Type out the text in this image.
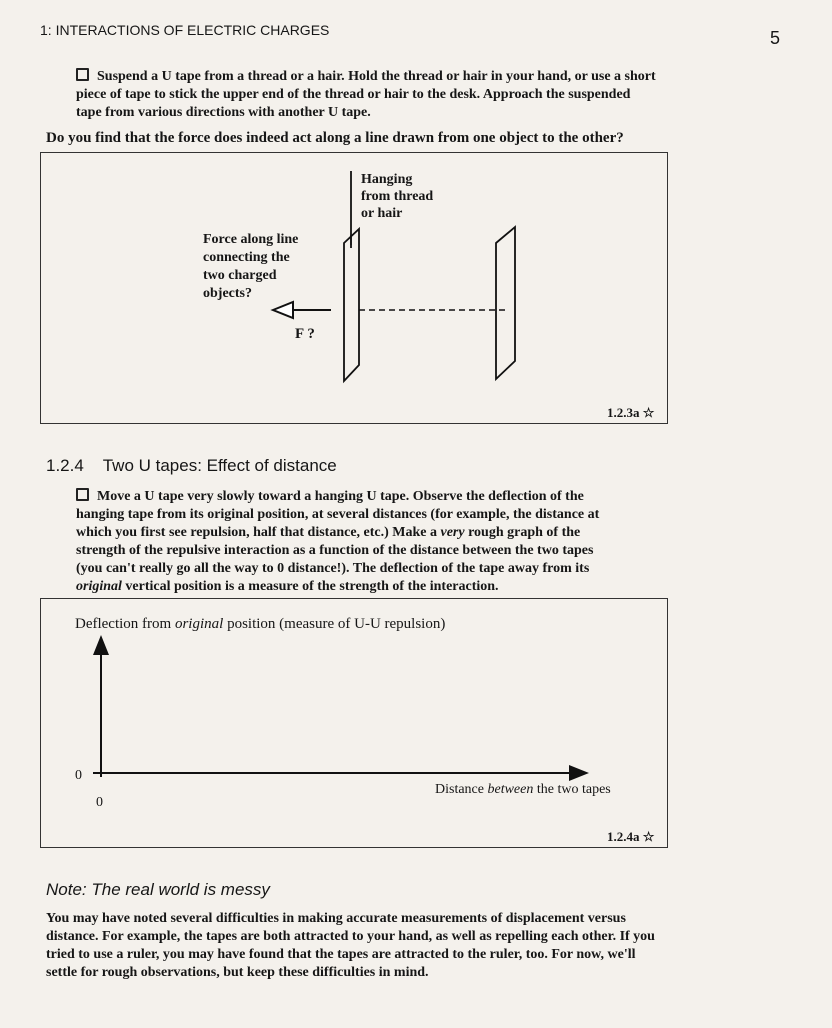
1: INTERACTIONS OF ELECTRIC CHARGES	5
Suspend a U tape from a thread or a hair. Hold the thread or hair in your hand, or use a short piece of tape to stick the upper end of the thread or hair to the desk. Approach the suspended tape from various directions with another U tape.
Do you find that the force does indeed act along a line drawn from one object to the other?
Hanging
from thread
or hair
Force along line
connecting the
two charged
objects?
F ?
1.2.3a ☆
1.2.4 Two U tapes: Effect of distance
Move a U tape very slowly toward a hanging U tape. Observe the deflection of the
hanging tape from its original position, at several distances (for example, the distance at
which you first see repulsion, half that distance, etc.) Make a very rough graph of the
strength of the repulsive interaction as a function of the distance between the two tapes
(you can't really go all the way to 0 distance!). The deflection of the tape away from its
original vertical position is a measure of the strength of the interaction.
Deflection from original position (measure of U-U repulsion)
0
0
Distance between the two tapes
1.2.4a ☆
Note: The real world is messy
You may have noted several difficulties in making accurate measurements of displacement versus distance. For example, the tapes are both attracted to your hand, as well as repelling each other. If you tried to use a ruler, you may have found that the tapes are attracted to the ruler, too. For now, we'll settle for rough observations, but keep these difficulties in mind.
